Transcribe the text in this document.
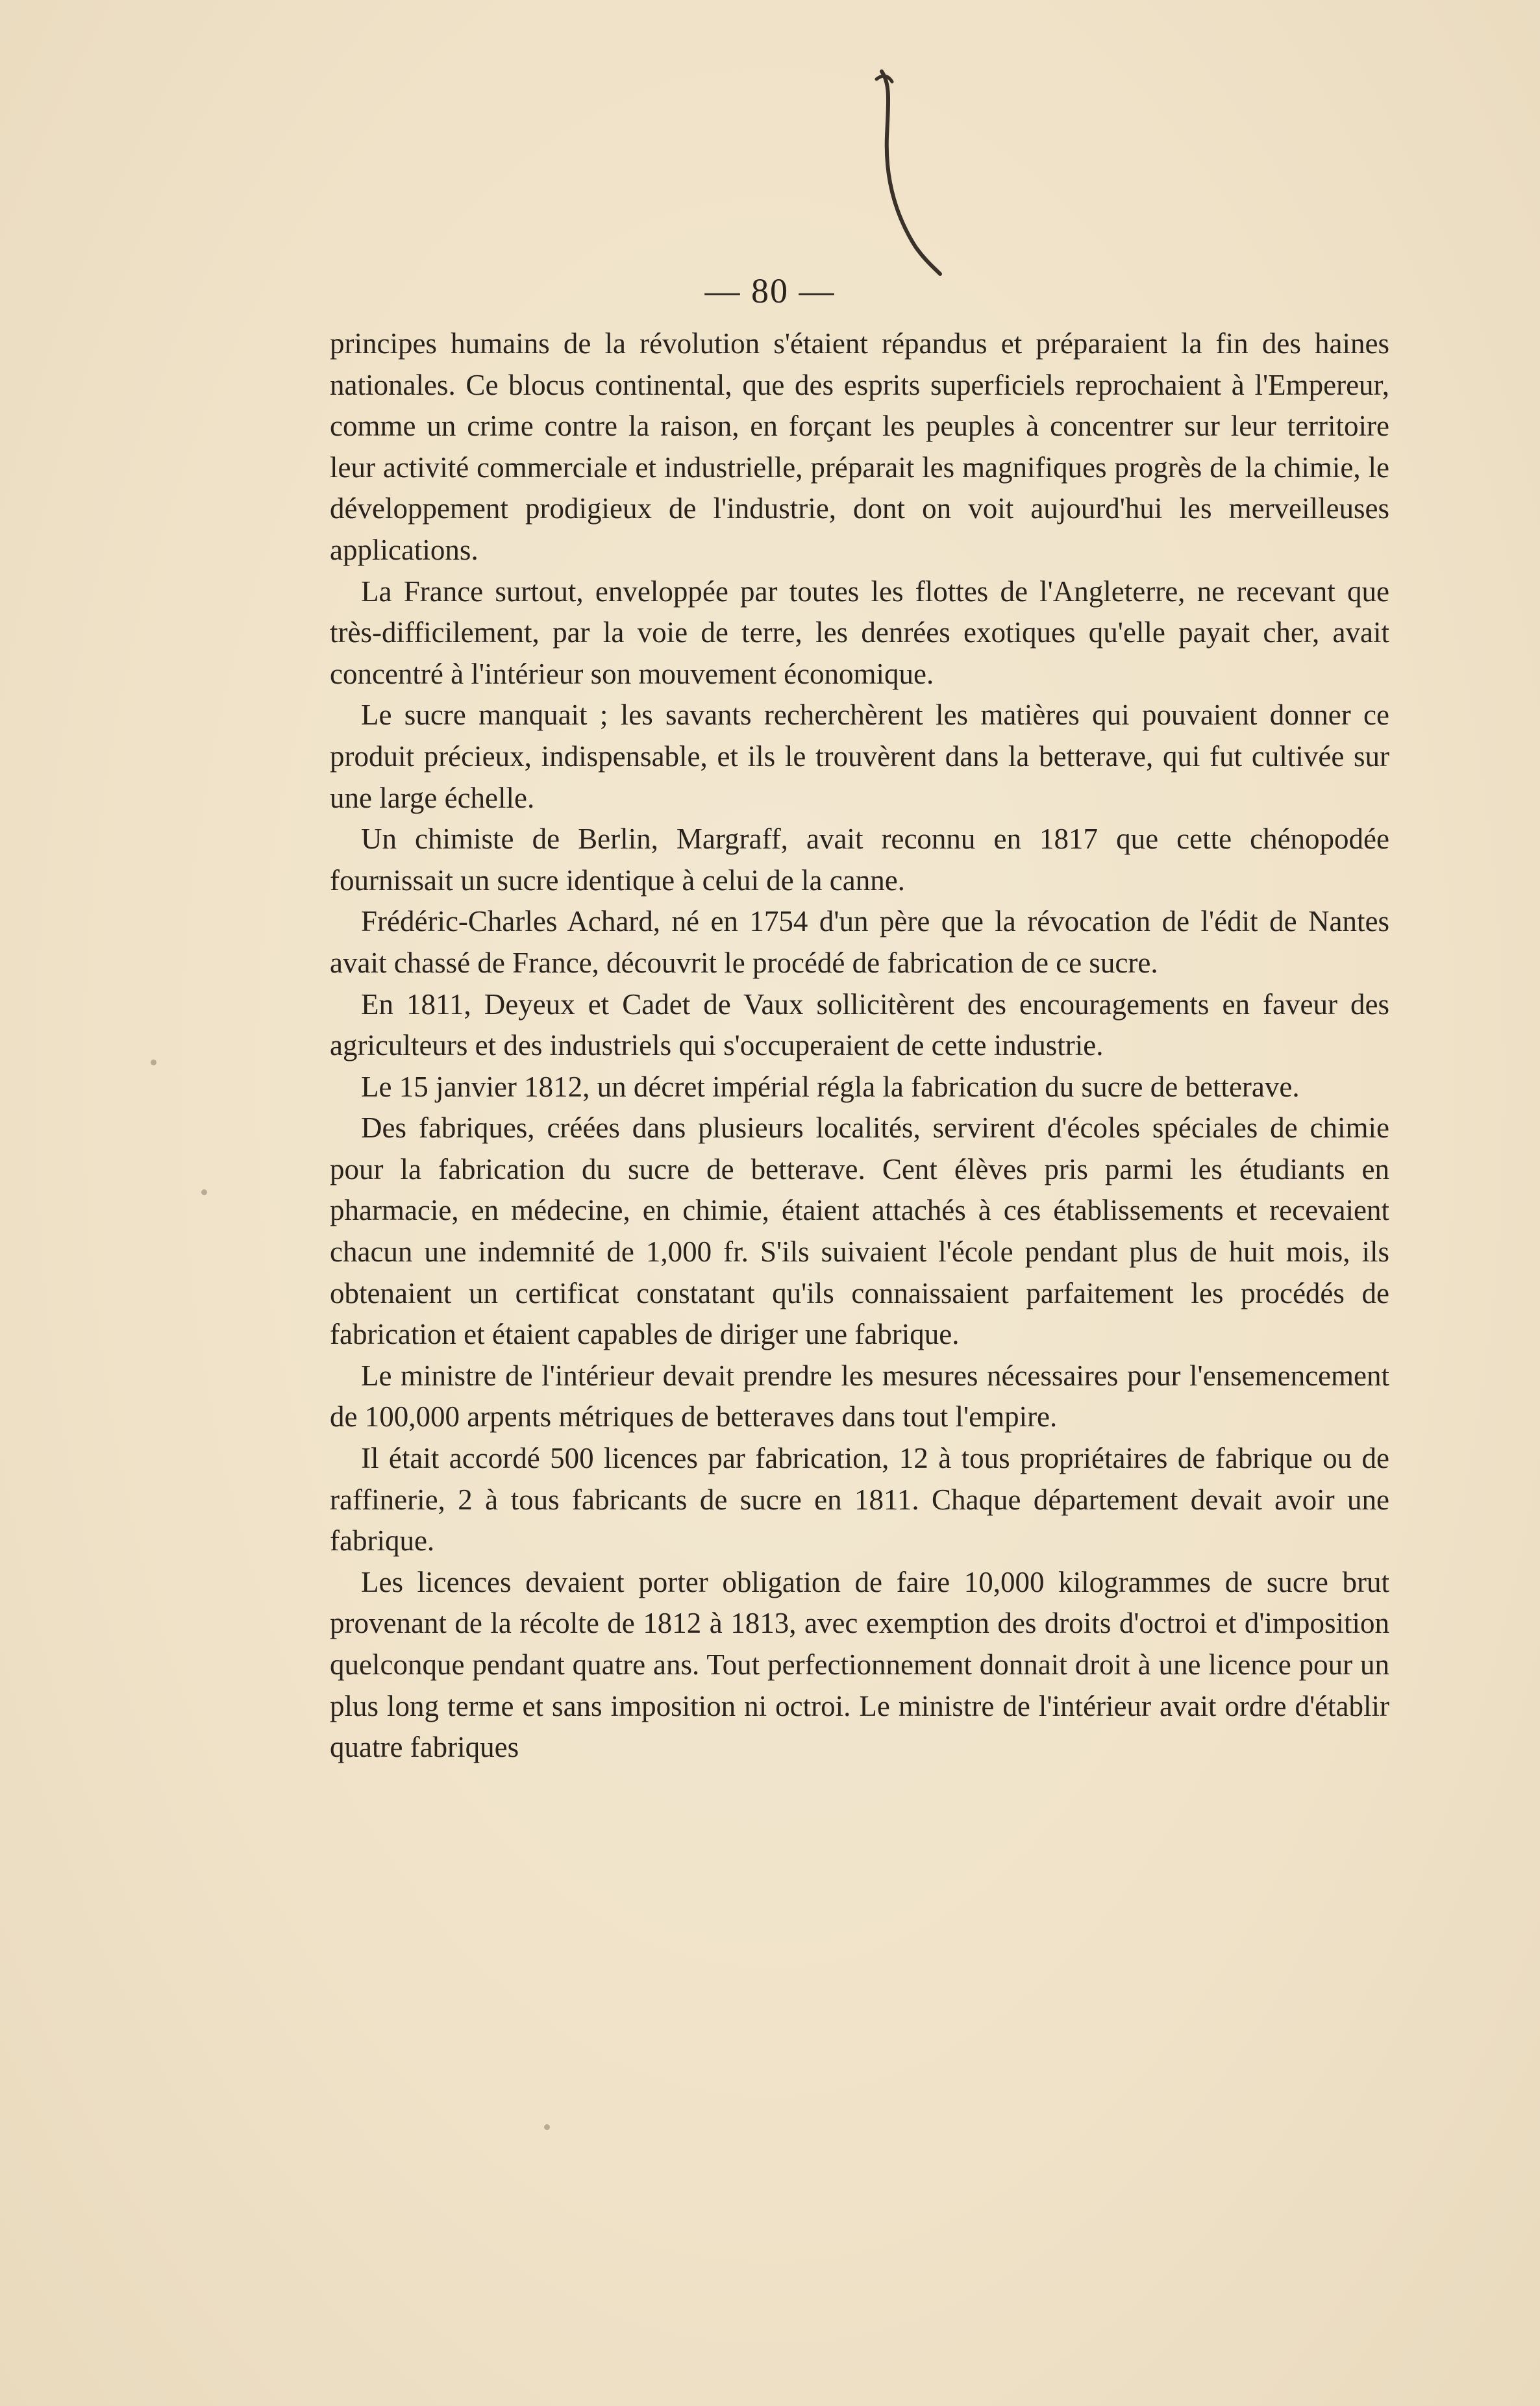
— 80 —

principes humains de la révolution s'étaient répandus et préparaient la fin des haines nationales. Ce blocus continental, que des esprits superficiels reprochaient à l'Empereur, comme un crime contre la raison, en forçant les peuples à concentrer sur leur territoire leur activité commerciale et industrielle, préparait les magnifiques progrès de la chimie, le développement prodigieux de l'industrie, dont on voit aujourd'hui les merveilleuses applications.

La France surtout, enveloppée par toutes les flottes de l'Angleterre, ne recevant que très-difficilement, par la voie de terre, les denrées exotiques qu'elle payait cher, avait concentré à l'intérieur son mouvement économique.

Le sucre manquait ; les savants recherchèrent les matières qui pouvaient donner ce produit précieux, indispensable, et ils le trouvèrent dans la betterave, qui fut cultivée sur une large échelle.

Un chimiste de Berlin, Margraff, avait reconnu en 1817 que cette chénopodée fournissait un sucre identique à celui de la canne.

Frédéric-Charles Achard, né en 1754 d'un père que la révocation de l'édit de Nantes avait chassé de France, découvrit le procédé de fabrication de ce sucre.

En 1811, Deyeux et Cadet de Vaux sollicitèrent des encouragements en faveur des agriculteurs et des industriels qui s'occuperaient de cette industrie.

Le 15 janvier 1812, un décret impérial régla la fabrication du sucre de betterave.

Des fabriques, créées dans plusieurs localités, servirent d'écoles spéciales de chimie pour la fabrication du sucre de betterave. Cent élèves pris parmi les étudiants en pharmacie, en médecine, en chimie, étaient attachés à ces établissements et recevaient chacun une indemnité de 1,000 fr. S'ils suivaient l'école pendant plus de huit mois, ils obtenaient un certificat constatant qu'ils connaissaient parfaitement les procédés de fabrication et étaient capables de diriger une fabrique.

Le ministre de l'intérieur devait prendre les mesures nécessaires pour l'ensemencement de 100,000 arpents métriques de betteraves dans tout l'empire.

Il était accordé 500 licences par fabrication, 12 à tous propriétaires de fabrique ou de raffinerie, 2 à tous fabricants de sucre en 1811. Chaque département devait avoir une fabrique.

Les licences devaient porter obligation de faire 10,000 kilogrammes de sucre brut provenant de la récolte de 1812 à 1813, avec exemption des droits d'octroi et d'imposition quelconque pendant quatre ans. Tout perfectionnement donnait droit à une licence pour un plus long terme et sans imposition ni octroi. Le ministre de l'intérieur avait ordre d'établir quatre fabriques
